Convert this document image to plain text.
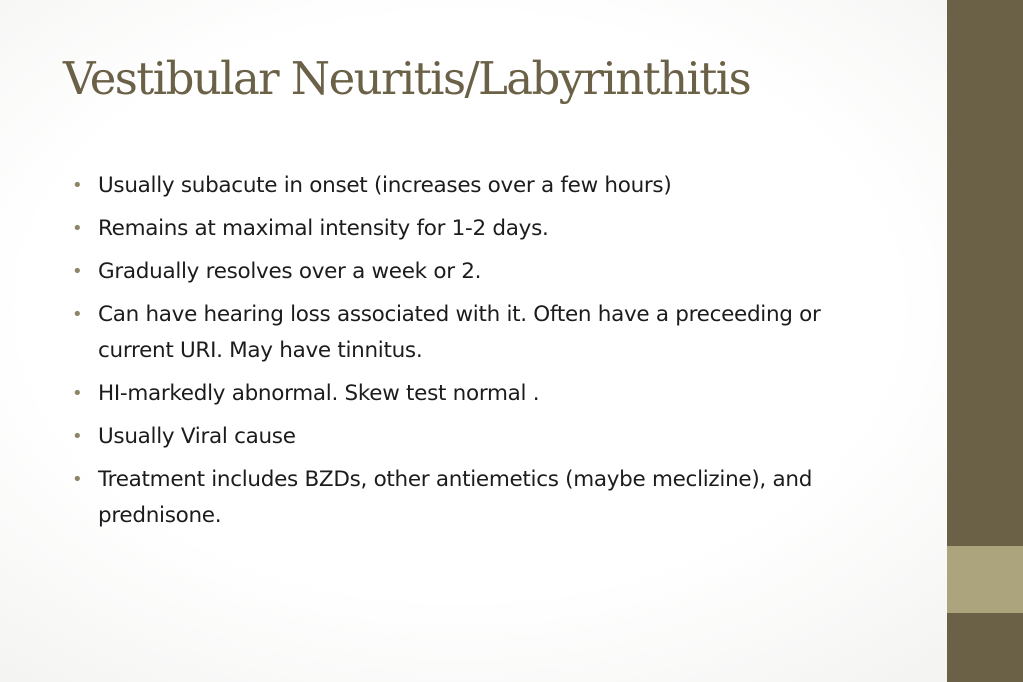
Vestibular Neuritis/Labyrinthitis
• Usually subacute in onset (increases over a few hours)
• Remains at maximal intensity for 1-2 days.
• Gradually resolves over a week or 2.
• Can have hearing loss associated with it. Often have a preceeding or current URI. May have tinnitus.
• HI-markedly abnormal. Skew test normal .
• Usually Viral cause
• Treatment includes BZDs, other antiemetics (maybe meclizine), and prednisone.
